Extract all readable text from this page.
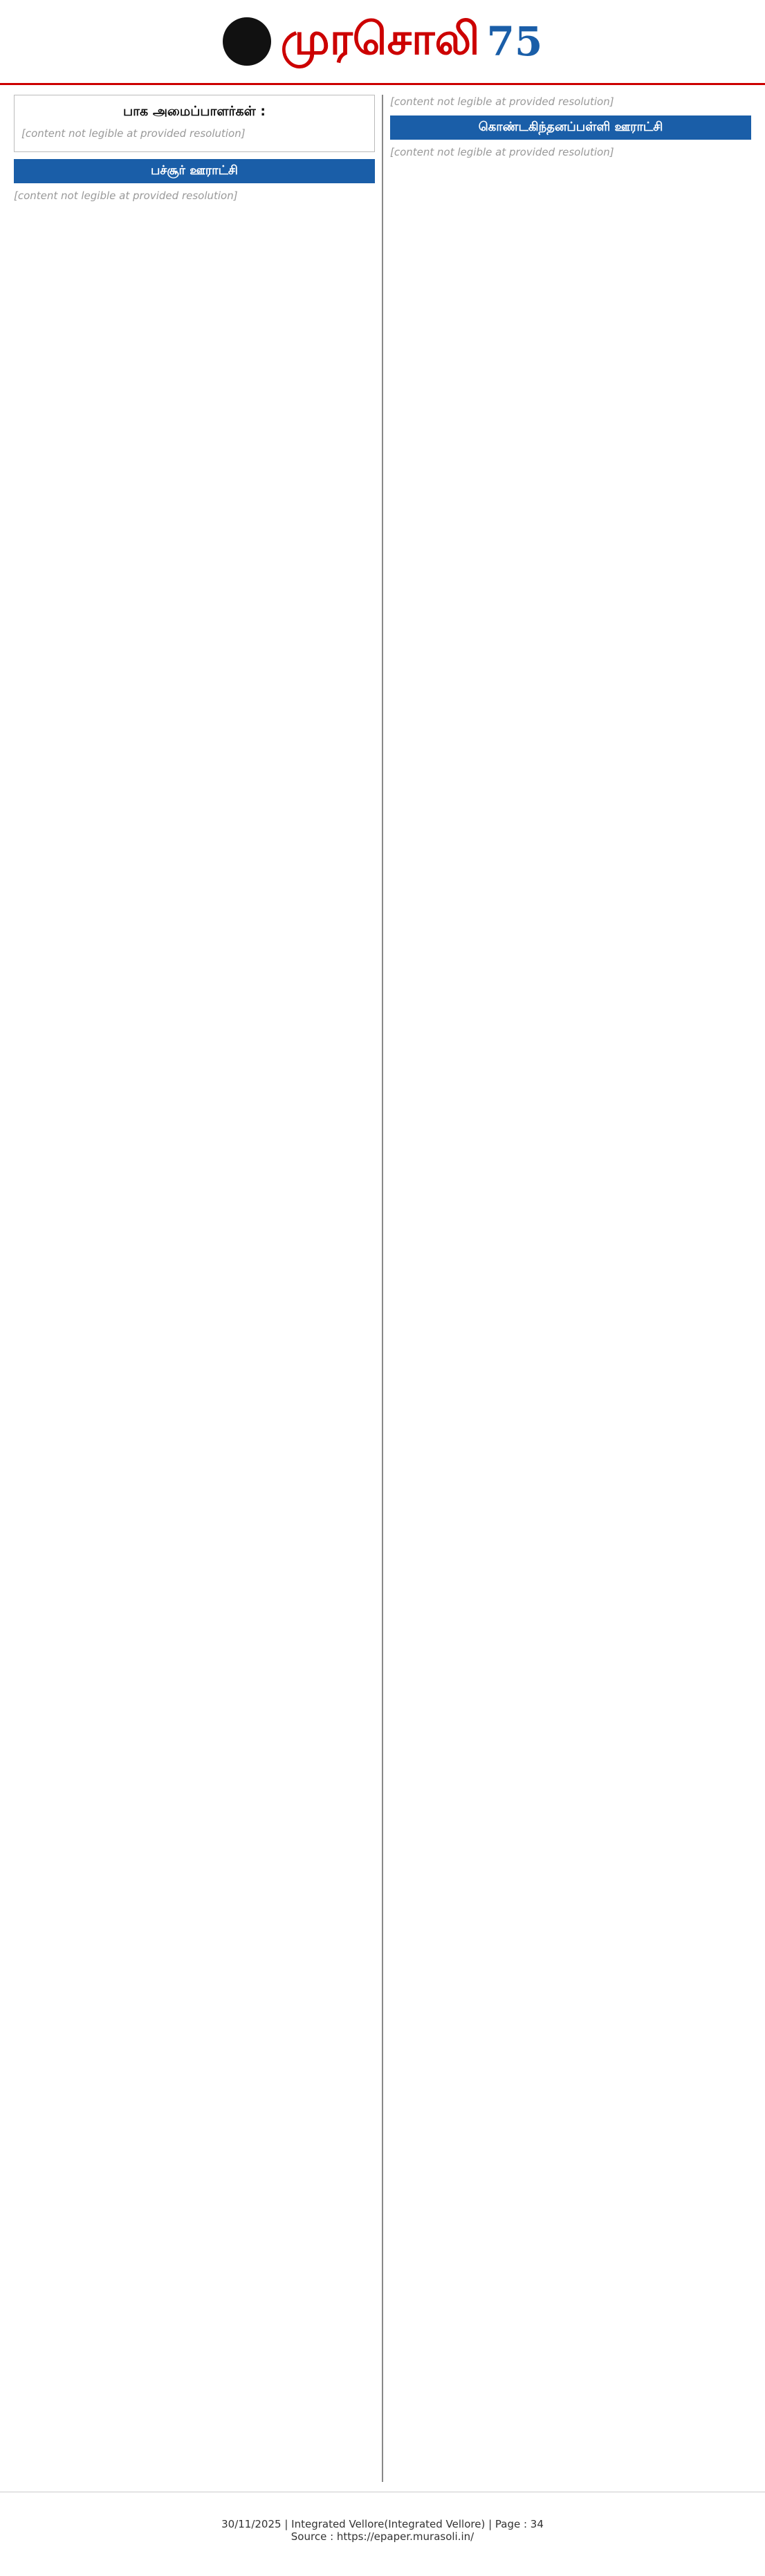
முரசொலி 75
பாக அமைப்பாளர்கள் :
[content not legible at provided resolution]
பச்சூர் ஊராட்சி
[content not legible at provided resolution]
[content not legible at provided resolution]
கொண்டகிந்தனப்பள்ளி ஊராட்சி
[content not legible at provided resolution]
30/11/2025 | Integrated Vellore(Integrated Vellore) | Page : 34
Source : https://epaper.murasoli.in/
